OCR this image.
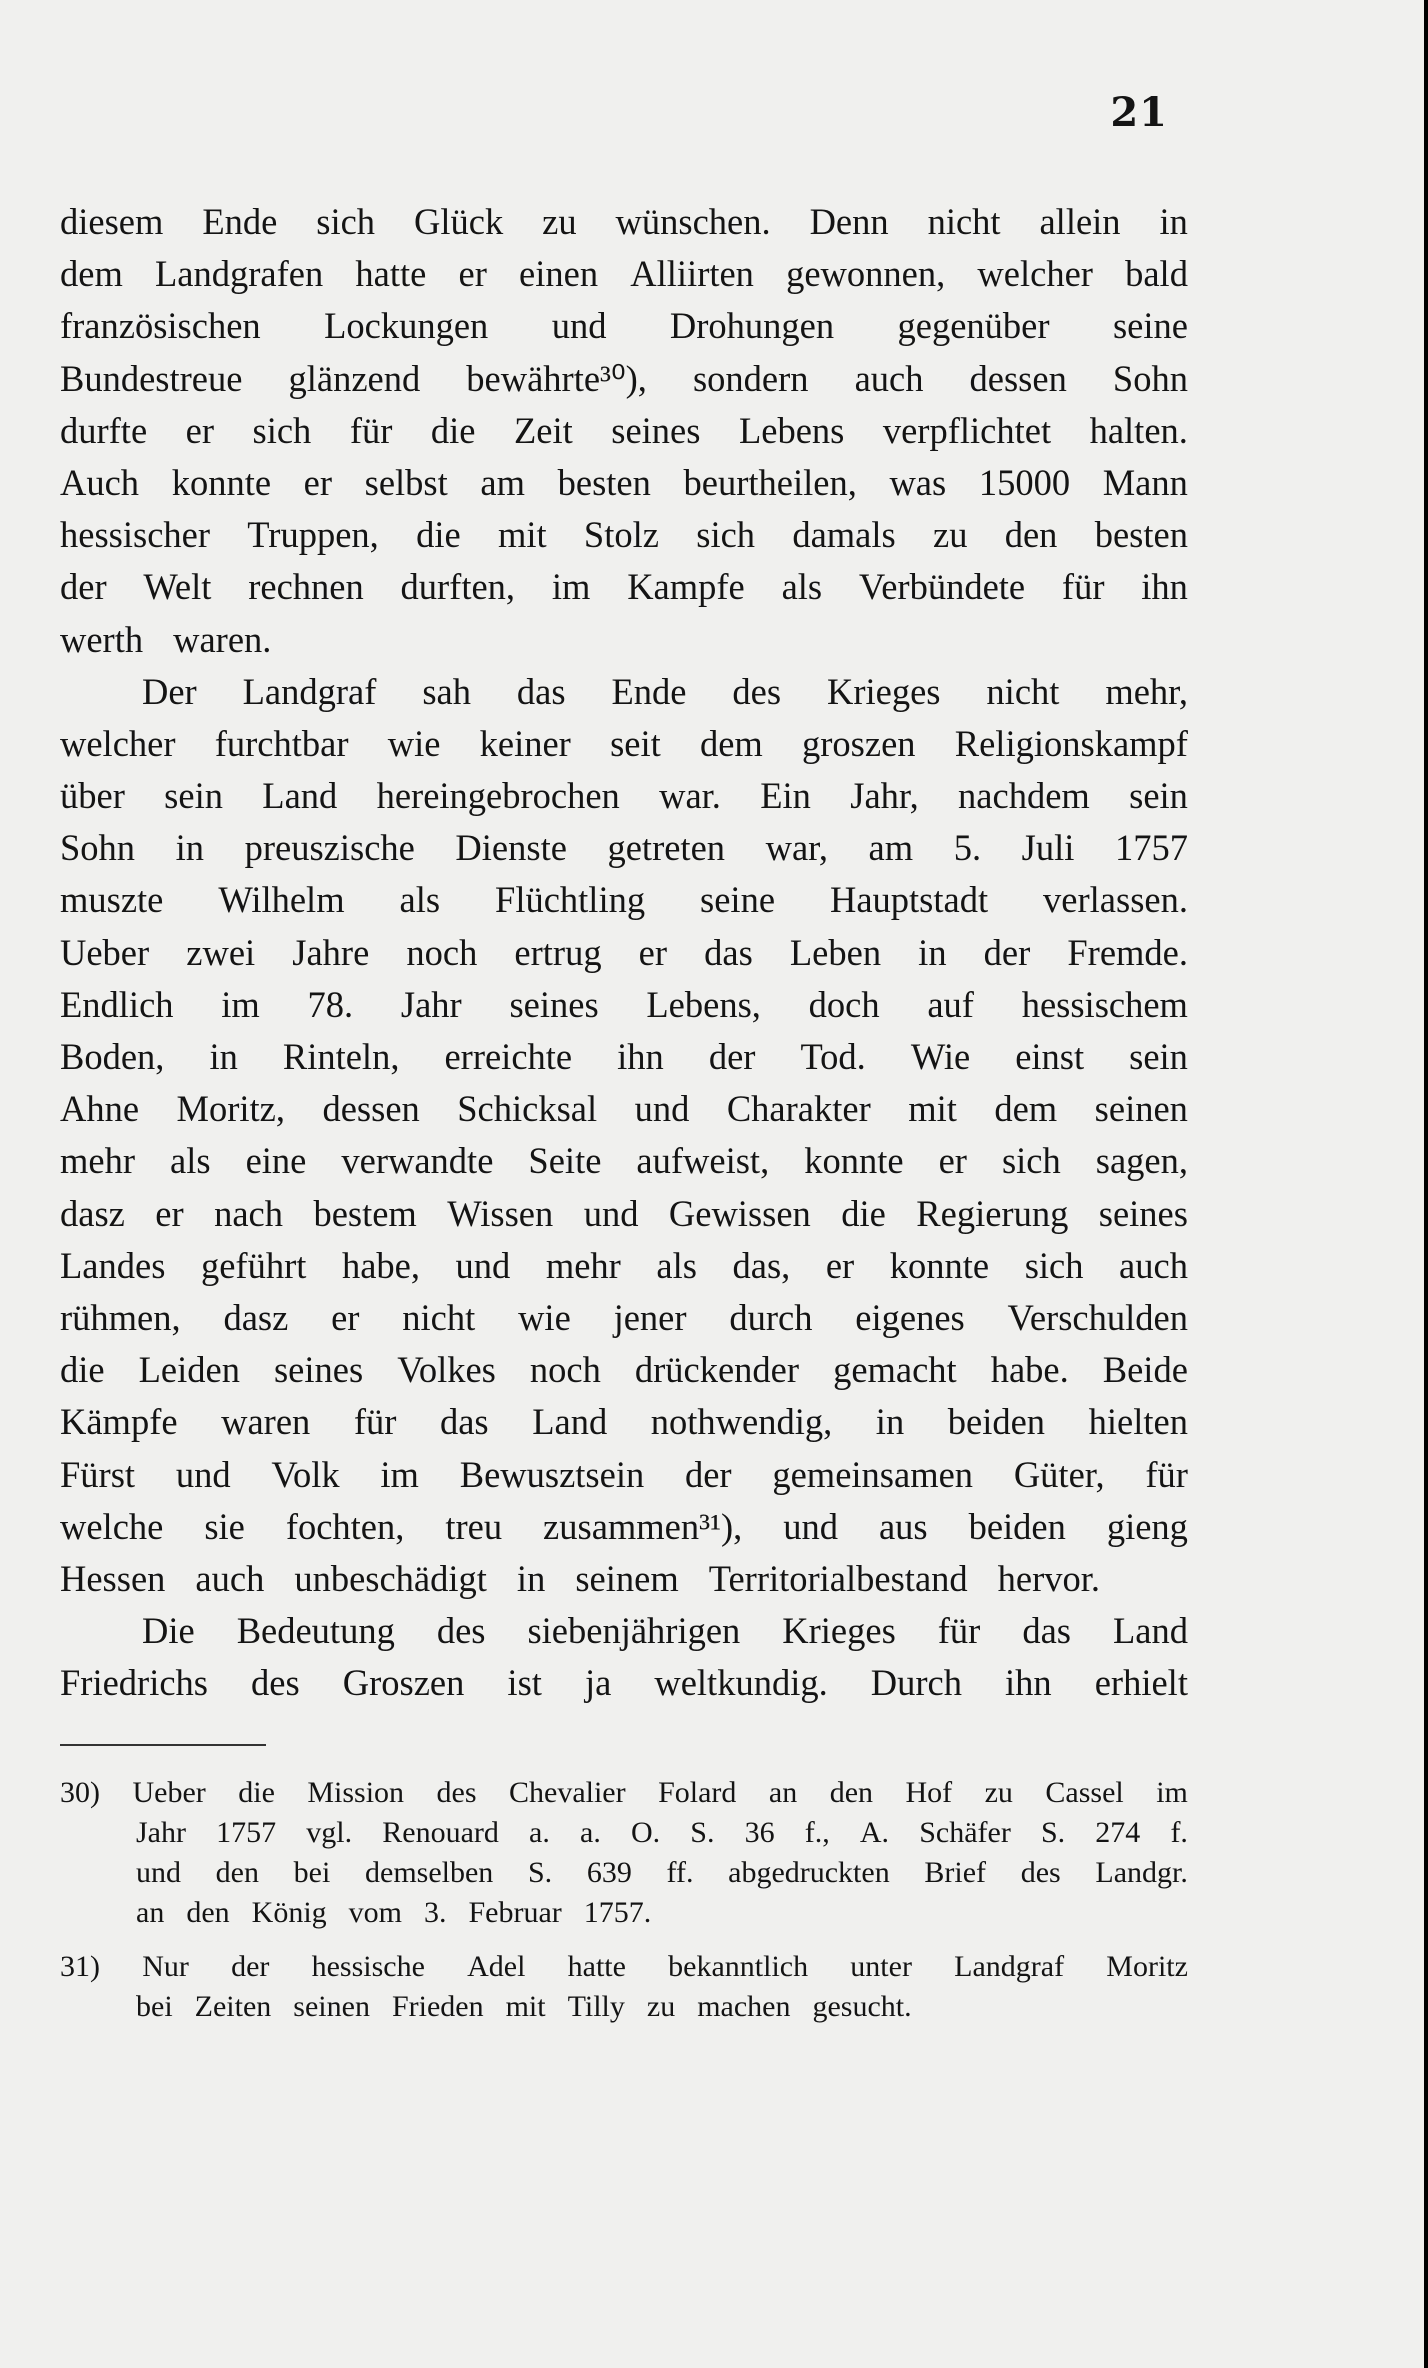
21
diesem Ende sich Glück zu wünschen. Denn nicht allein in
dem Landgrafen hatte er einen Alliirten gewonnen, welcher bald
französischen Lockungen und Drohungen gegenüber seine
Bundestreue glänzend bewährte³⁰), sondern auch dessen Sohn
durfte er sich für die Zeit seines Lebens verpflichtet halten.
Auch konnte er selbst am besten beurtheilen, was 15000 Mann
hessischer Truppen, die mit Stolz sich damals zu den besten
der Welt rechnen durften, im Kampfe als Verbündete für ihn
werth waren.
Der Landgraf sah das Ende des Krieges nicht mehr,
welcher furchtbar wie keiner seit dem groszen Religionskampf
über sein Land hereingebrochen war. Ein Jahr, nachdem sein
Sohn in preuszische Dienste getreten war, am 5. Juli 1757
muszte Wilhelm als Flüchtling seine Hauptstadt verlassen.
Ueber zwei Jahre noch ertrug er das Leben in der Fremde.
Endlich im 78. Jahr seines Lebens, doch auf hessischem
Boden, in Rinteln, erreichte ihn der Tod. Wie einst sein
Ahne Moritz, dessen Schicksal und Charakter mit dem seinen
mehr als eine verwandte Seite aufweist, konnte er sich sagen,
dasz er nach bestem Wissen und Gewissen die Regierung seines
Landes geführt habe, und mehr als das, er konnte sich auch
rühmen, dasz er nicht wie jener durch eigenes Verschulden
die Leiden seines Volkes noch drückender gemacht habe. Beide
Kämpfe waren für das Land nothwendig, in beiden hielten
Fürst und Volk im Bewusztsein der gemeinsamen Güter, für
welche sie fochten, treu zusammen³¹), und aus beiden gieng
Hessen auch unbeschädigt in seinem Territorialbestand hervor.
Die Bedeutung des siebenjährigen Krieges für das Land
Friedrichs des Groszen ist ja weltkundig. Durch ihn erhielt
30) Ueber die Mission des Chevalier Folard an den Hof zu Cassel im
Jahr 1757 vgl. Renouard a. a. O. S. 36 f., A. Schäfer S. 274 f.
und den bei demselben S. 639 ff. abgedruckten Brief des Landgr.
an den König vom 3. Februar 1757.
31) Nur der hessische Adel hatte bekanntlich unter Landgraf Moritz
bei Zeiten seinen Frieden mit Tilly zu machen gesucht.
